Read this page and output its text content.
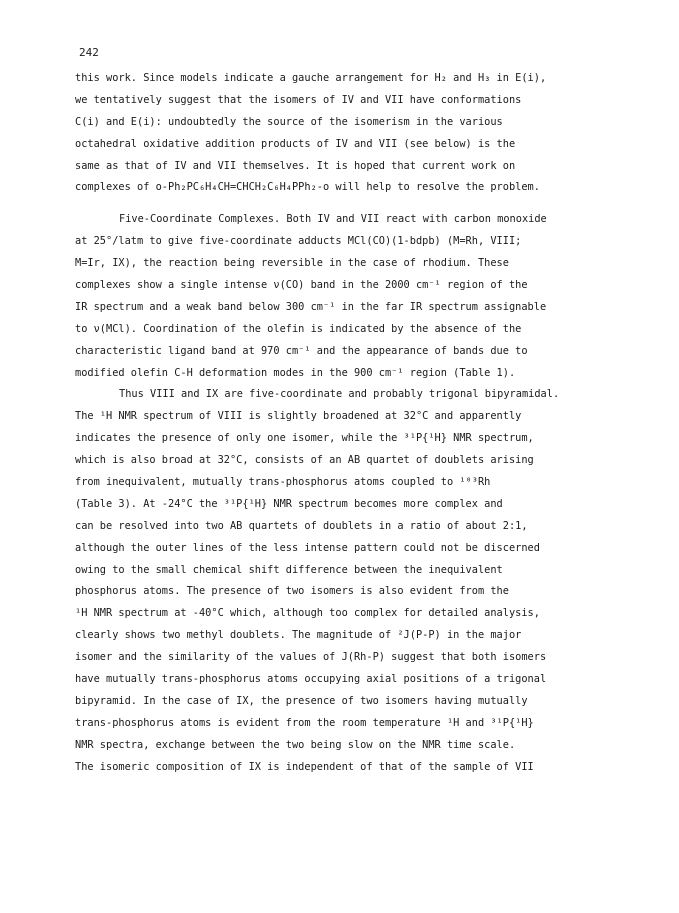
242
this work. Since models indicate a gauche arrangement for H₂ and H₃ in E(i),
we tentatively suggest that the isomers of IV and VII have conformations
C(i) and E(i): undoubtedly the source of the isomerism in the various
octahedral oxidative addition products of IV and VII (see below) is the
same as that of IV and VII themselves. It is hoped that current work on
complexes of o-Ph₂PC₆H₄CH=CHCH₂C₆H₄PPh₂-o will help to resolve the problem.
Five-Coordinate Complexes. Both IV and VII react with carbon monoxide
at 25°/latm to give five-coordinate adducts MCl(CO)(1-bdpb) (M=Rh, VIII;
M=Ir, IX), the reaction being reversible in the case of rhodium. These
complexes show a single intense ν(CO) band in the 2000 cm⁻¹ region of the
IR spectrum and a weak band below 300 cm⁻¹ in the far IR spectrum assignable
to ν(MCl). Coordination of the olefin is indicated by the absence of the
characteristic ligand band at 970 cm⁻¹ and the appearance of bands due to
modified olefin C-H deformation modes in the 900 cm⁻¹ region (Table 1).
Thus VIII and IX are five-coordinate and probably trigonal bipyramidal.
The ¹H NMR spectrum of VIII is slightly broadened at 32°C and apparently
indicates the presence of only one isomer, while the ³¹P{¹H} NMR spectrum,
which is also broad at 32°C, consists of an AB quartet of doublets arising
from inequivalent, mutually trans-phosphorus atoms coupled to ¹⁰³Rh
(Table 3). At -24°C the ³¹P{¹H} NMR spectrum becomes more complex and
can be resolved into two AB quartets of doublets in a ratio of about 2:1,
although the outer lines of the less intense pattern could not be discerned
owing to the small chemical shift difference between the inequivalent
phosphorus atoms. The presence of two isomers is also evident from the
¹H NMR spectrum at -40°C which, although too complex for detailed analysis,
clearly shows two methyl doublets. The magnitude of ²J(P-P) in the major
isomer and the similarity of the values of J(Rh-P) suggest that both isomers
have mutually trans-phosphorus atoms occupying axial positions of a trigonal
bipyramid. In the case of IX, the presence of two isomers having mutually
trans-phosphorus atoms is evident from the room temperature ¹H and ³¹P{¹H}
NMR spectra, exchange between the two being slow on the NMR time scale.
The isomeric composition of IX is independent of that of the sample of VII
